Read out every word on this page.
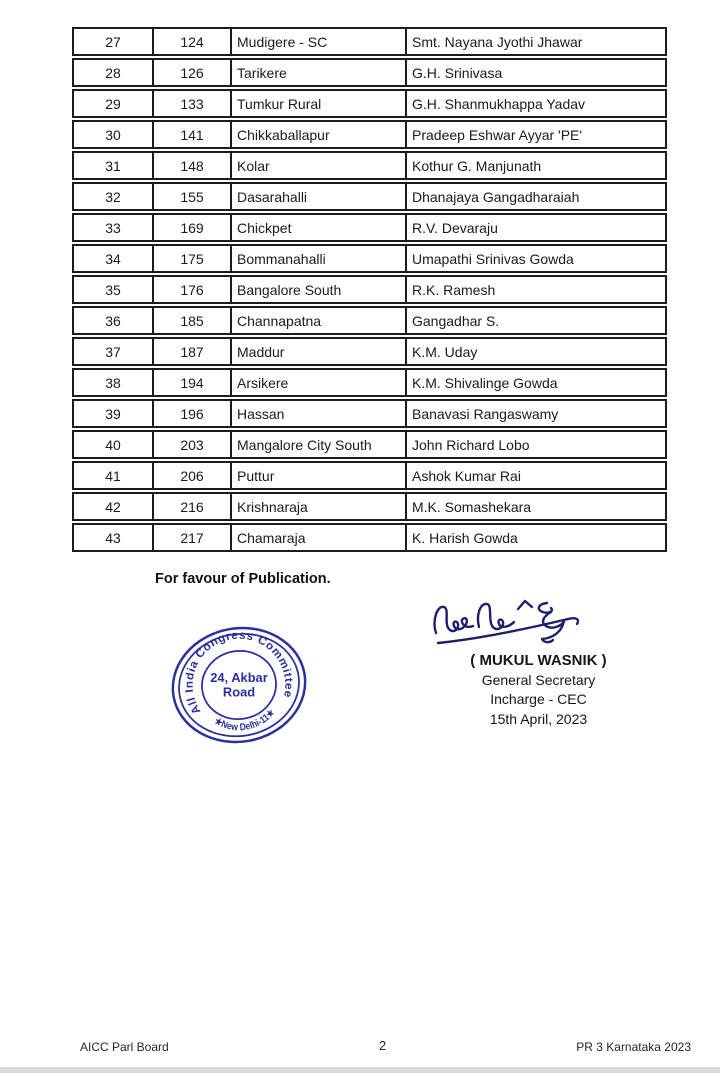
27	124	Mudigere - SC	Smt. Nayana Jyothi Jhawar
28	126	Tarikere	G.H. Srinivasa
29	133	Tumkur Rural	G.H. Shanmukhappa Yadav
30	141	Chikkaballapur	Pradeep Eshwar Ayyar 'PE'
31	148	Kolar	Kothur G. Manjunath
32	155	Dasarahalli	Dhanajaya Gangadharaiah
33	169	Chickpet	R.V. Devaraju
34	175	Bommanahalli	Umapathi Srinivas Gowda
35	176	Bangalore South	R.K. Ramesh
36	185	Channapatna	Gangadhar S.
37	187	Maddur	K.M. Uday
38	194	Arsikere	K.M. Shivalinge Gowda
39	196	Hassan	Banavasi Rangaswamy
40	203	Mangalore City South	John Richard Lobo
41	206	Puttur	Ashok Kumar Rai
42	216	Krishnaraja	M.K. Somashekara
43	217	Chamaraja	K. Harish Gowda
For favour of Publication.
All India Congress Committee
★New Delhi-11★
24, Akbar
Road
( MUKUL WASNIK )
General Secretary
Incharge - CEC
15th April, 2023
AICC Parl Board	2	PR 3 Karnataka 2023
